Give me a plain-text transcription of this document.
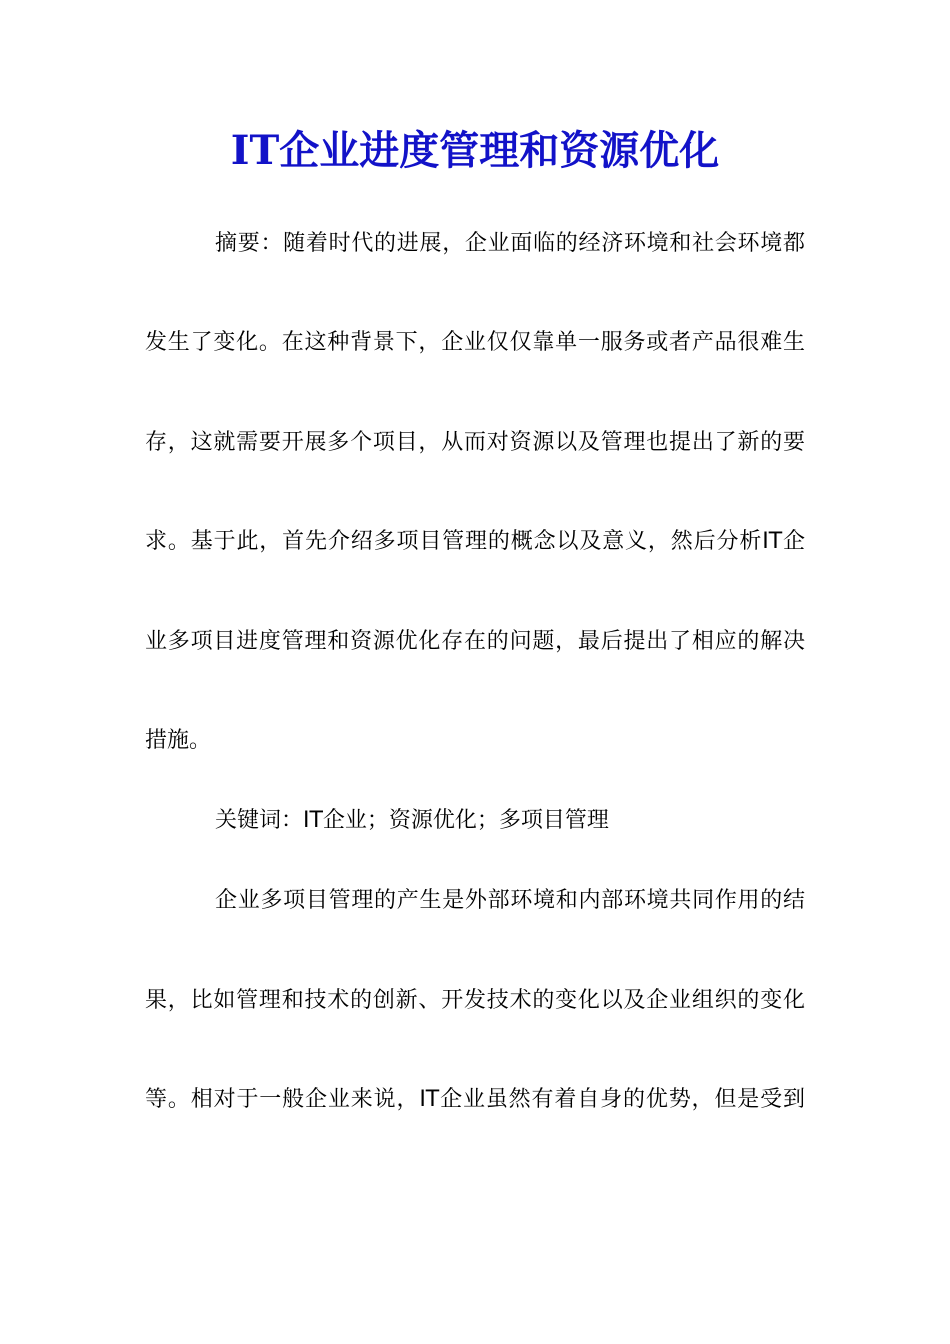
IT企业进度管理和资源优化
摘要：随着时代的进展，企业面临的经济环境和社会环境都
发生了变化。在这种背景下，企业仅仅靠单一服务或者产品很难生
存，这就需要开展多个项目，从而对资源以及管理也提出了新的要
求。基于此，首先介绍多项目管理的概念以及意义，然后分析IT企
业多项目进度管理和资源优化存在的问题，最后提出了相应的解决
措施。
关键词：IT企业；资源优化；多项目管理
企业多项目管理的产生是外部环境和内部环境共同作用的结
果，比如管理和技术的创新、开发技术的变化以及企业组织的变化
等。相对于一般企业来说，IT企业虽然有着自身的优势，但是受到
